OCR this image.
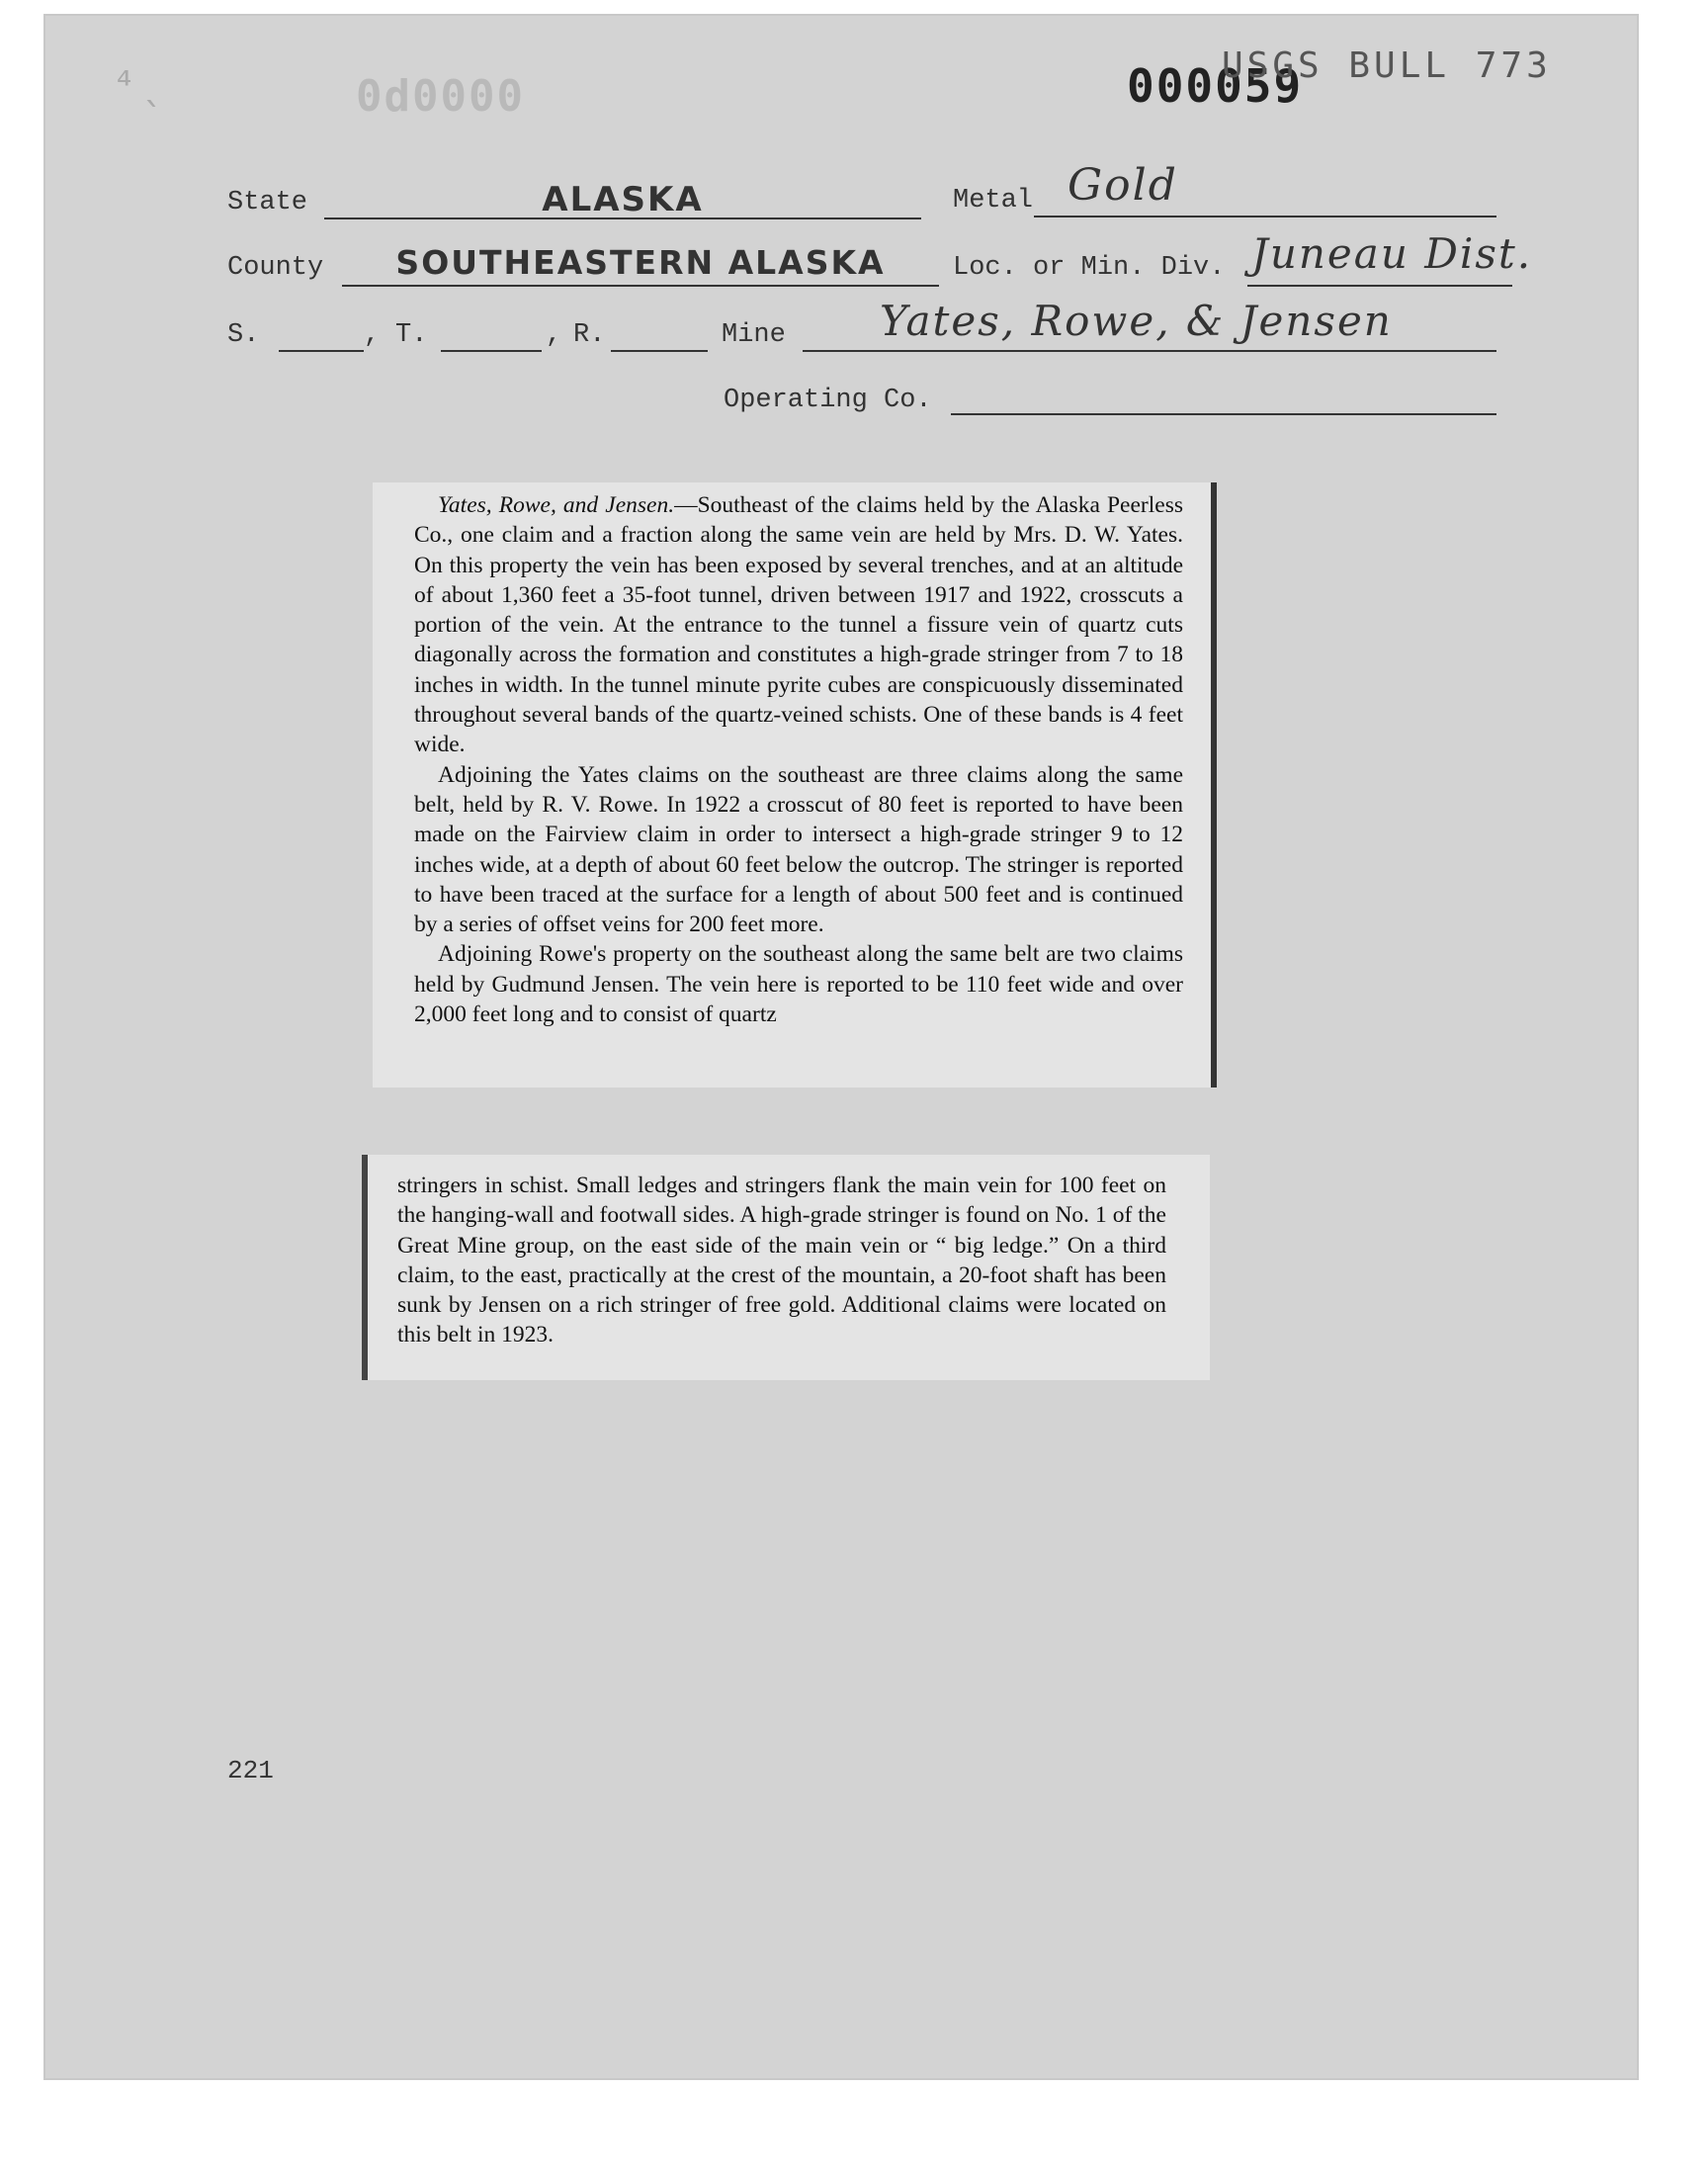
⁴ ˎ	0d0000	000059
USGS BULL 773
State	ALASKA	Metal Gold
County	SOUTHEASTERN ALASKA	Loc. or Min. Div. Juneau Dist.
S.	, T.	, R.	Mine Yates, Rowe, & Jensen
Operating Co.

Yates, Rowe, and Jensen.—Southeast of the claims held by the Alaska Peerless Co., one claim and a fraction along the same vein are held by Mrs. D. W. Yates. On this property the vein has been exposed by several trenches, and at an altitude of about 1,360 feet a 35-foot tunnel, driven between 1917 and 1922, crosscuts a portion of the vein. At the entrance to the tunnel a fissure vein of quartz cuts diagonally across the formation and constitutes a high-grade stringer from 7 to 18 inches in width. In the tunnel minute pyrite cubes are conspicuously disseminated throughout several bands of the quartz-veined schists. One of these bands is 4 feet wide.

Adjoining the Yates claims on the southeast are three claims along the same belt, held by R. V. Rowe. In 1922 a crosscut of 80 feet is reported to have been made on the Fairview claim in order to intersect a high-grade stringer 9 to 12 inches wide, at a depth of about 60 feet below the outcrop. The stringer is reported to have been traced at the surface for a length of about 500 feet and is continued by a series of offset veins for 200 feet more.

Adjoining Rowe's property on the southeast along the same belt are two claims held by Gudmund Jensen. The vein here is reported to be 110 feet wide and over 2,000 feet long and to consist of quartz

stringers in schist. Small ledges and stringers flank the main vein for 100 feet on the hanging-wall and footwall sides. A high-grade stringer is found on No. 1 of the Great Mine group, on the east side of the main vein or “ big ledge.” On a third claim, to the east, practically at the crest of the mountain, a 20-foot shaft has been sunk by Jensen on a rich stringer of free gold. Additional claims were located on this belt in 1923.

221
